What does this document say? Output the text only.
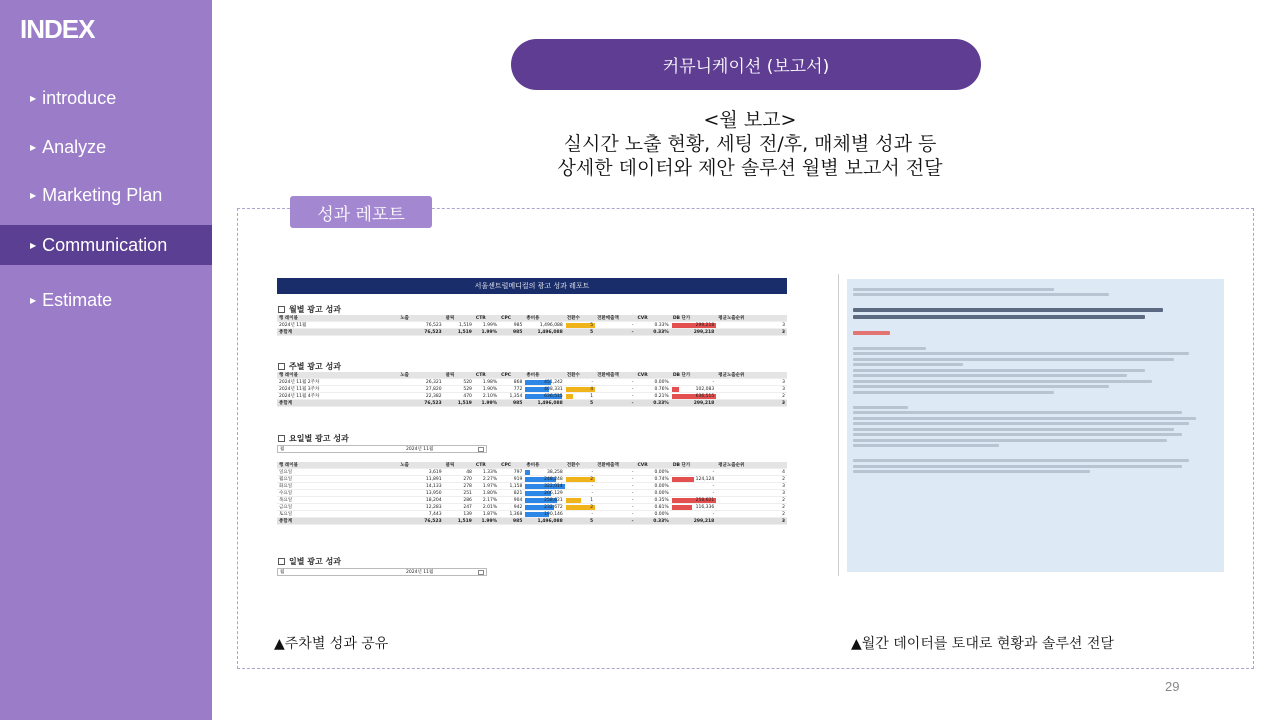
INDEX
▶ introduce
▶ Analyze
▶ Marketing Plan
▶ Communication
▶ Estimate
커뮤니케이션 (보고서)
<월 보고>
실시간 노출 현황, 세팅 전/후, 매체별 성과 등
상세한 데이터와 제안 솔루션 월별 보고서 전달
성과 레포트
서울센트럴메디컬의 광고 성과 레포트
월별 광고 성과
행 레이블	노출	클릭	CTR	CPC	총비용	전환수	전환매출액	CVR	DB 단가	평균노출순위
2024년 11월	76,523	1,519	1.99%	985	1,496,088	5	-	0.33%	299,218	3
총합계	76,523	1,519	1.99%	985	1,496,088	5	-	0.33%	299,218	3
주별 광고 성과
행 레이블	노출	클릭	CTR	CPC	총비용	전환수	전환매출액	CVR	DB 단가	평균노출순위
2024년 11월 2주차	26,321	520	1.98%	868	451,242	-	-	0.00%	-	3
2024년 11월 3주차	27,820	529	1.90%	772	408,331	4	-	0.76%	102,083	3
2024년 11월 4주차	22,382	470	2.10%	1,354	636,515	1	-	0.21%	636,515	2
총합계	76,523	1,519	1.99%	985	1,496,088	5	-	0.33%	299,218	3
요일별 광고 성과
월	2024년 11월
행 레이블	노출	클릭	CTR	CPC	총비용	전환수	전환매출액	CVR	DB 단가	평균노출순위
일요일	3,619	48	1.33%	797	38,258	-	-	0.00%	-	4
월요일	11,891	270	2.27%	919	248,248	2	-	0.74%	124,124	2
화요일	14,133	278	1.97%	1,158	322,014	-	-	0.00%	-	3
수요일	13,950	251	1.80%	821	206,129	-	-	0.00%	-	3
목요일	18,204	286	2.17%	904	258,621	1	-	0.35%	258,621	2
금요일	12,283	247	2.01%	942	232,672	2	-	0.81%	116,336	2
토요일	7,443	139	1.87%	1,368	190,146	-	-	0.00%	-	2
총합계	76,523	1,519	1.99%	985	1,496,088	5	-	0.33%	299,218	3
일별 광고 성과
월	2024년 11월
▲주차별 성과 공유	▲월간 데이터를 토대로 현황과 솔루션 전달
29
